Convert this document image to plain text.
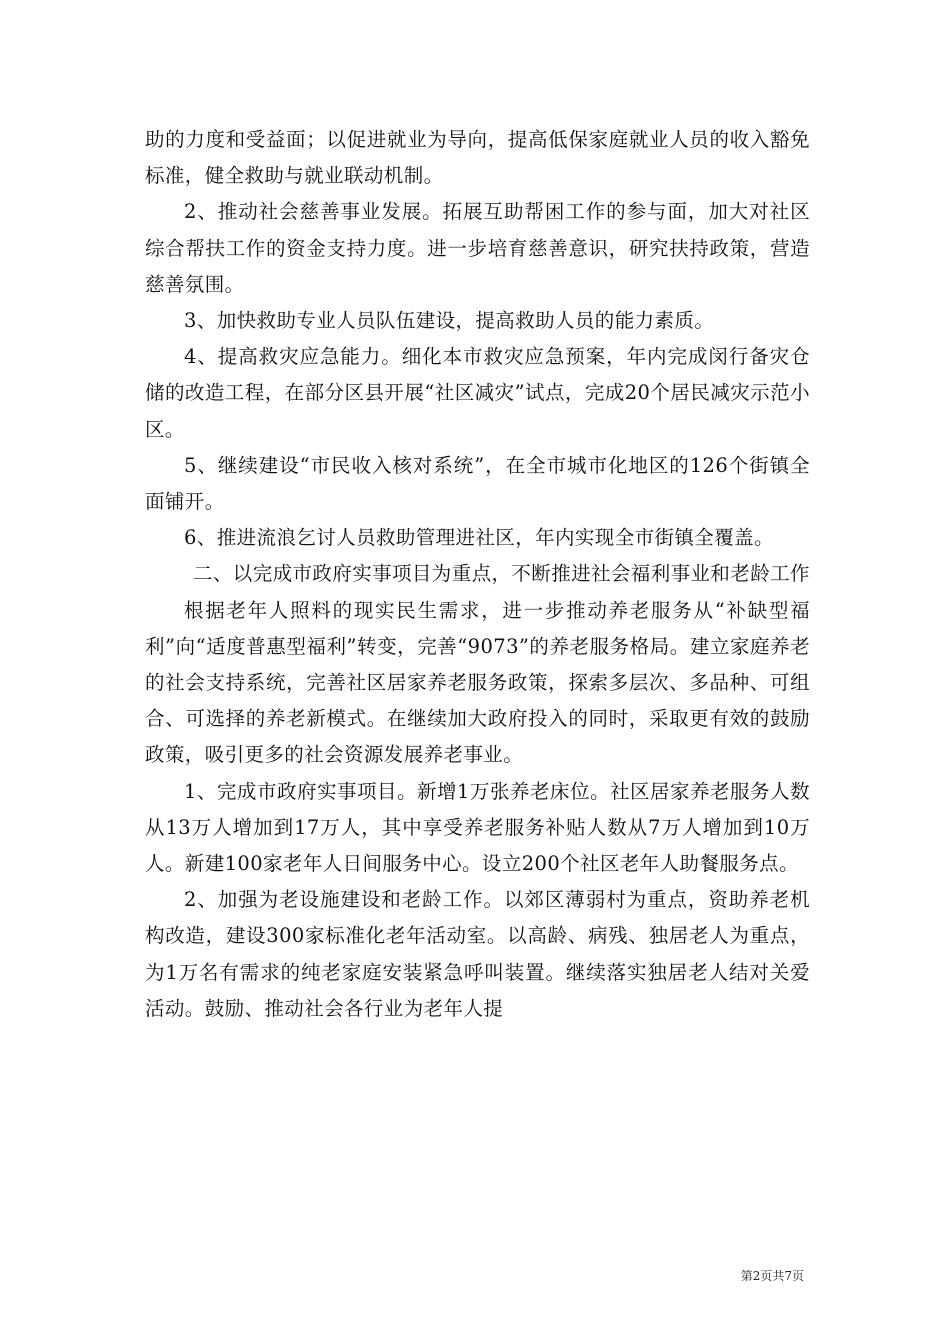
助的力度和受益面；以促进就业为导向，提高低保家庭就业人员的收入豁免标准，健全救助与就业联动机制。

2、推动社会慈善事业发展。拓展互助帮困工作的参与面，加大对社区综合帮扶工作的资金支持力度。进一步培育慈善意识，研究扶持政策，营造慈善氛围。

3、加快救助专业人员队伍建设，提高救助人员的能力素质。

4、提高救灾应急能力。细化本市救灾应急预案，年内完成闵行备灾仓储的改造工程，在部分区县开展“社区减灾”试点，完成20个居民减灾示范小区。

5、继续建设“市民收入核对系统”，在全市城市化地区的126个街镇全面铺开。

6、推进流浪乞讨人员救助管理进社区，年内实现全市街镇全覆盖。

二、以完成市政府实事项目为重点，不断推进社会福利事业和老龄工作

根据老年人照料的现实民生需求，进一步推动养老服务从“补缺型福利”向“适度普惠型福利”转变，完善“9073”的养老服务格局。建立家庭养老的社会支持系统，完善社区居家养老服务政策，探索多层次、多品种、可组合、可选择的养老新模式。在继续加大政府投入的同时，采取更有效的鼓励政策，吸引更多的社会资源发展养老事业。

1、完成市政府实事项目。新增1万张养老床位。社区居家养老服务人数从13万人增加到17万人，其中享受养老服务补贴人数从7万人增加到10万人。新建100家老年人日间服务中心。设立200个社区老年人助餐服务点。

2、加强为老设施建设和老龄工作。以郊区薄弱村为重点，资助养老机构改造，建设300家标准化老年活动室。以高龄、病残、独居老人为重点，为1万名有需求的纯老家庭安装紧急呼叫装置。继续落实独居老人结对关爱活动。鼓励、推动社会各行业为老年人提

第2页共7页
